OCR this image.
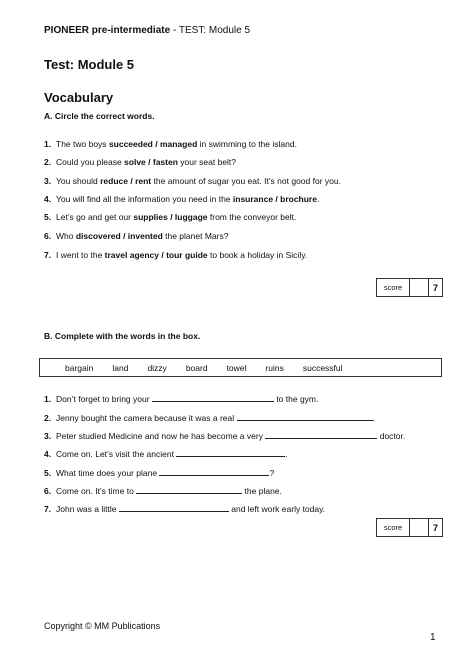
PIONEER pre-intermediate - TEST: Module 5
Test: Module 5
Vocabulary
A. Circle the correct words.
1. The two boys succeeded / managed in swimming to the island.
2. Could you please solve / fasten your seat belt?
3. You should reduce / rent the amount of sugar you eat. It’s not good for you.
4. You will find all the information you need in the insurance / brochure.
5. Let’s go and get our supplies / luggage from the conveyor belt.
6. Who discovered / invented the planet Mars?
7. I went to the travel agency / tour guide to book a holiday in Sicily.
score	7
B. Complete with the words in the box.
bargain land dizzy board towel ruins successful
1. Don’t forget to bring your	to the gym.
2. Jenny bought the camera because it was a real	.
3. Peter studied Medicine and now he has become a very	doctor.
4. Come on. Let’s visit the ancient	.
5. What time does your plane	?
6. Come on. It’s time to	the plane.
7. John was a little	and left work early today.
score	7
Copyright © MM Publications
1
